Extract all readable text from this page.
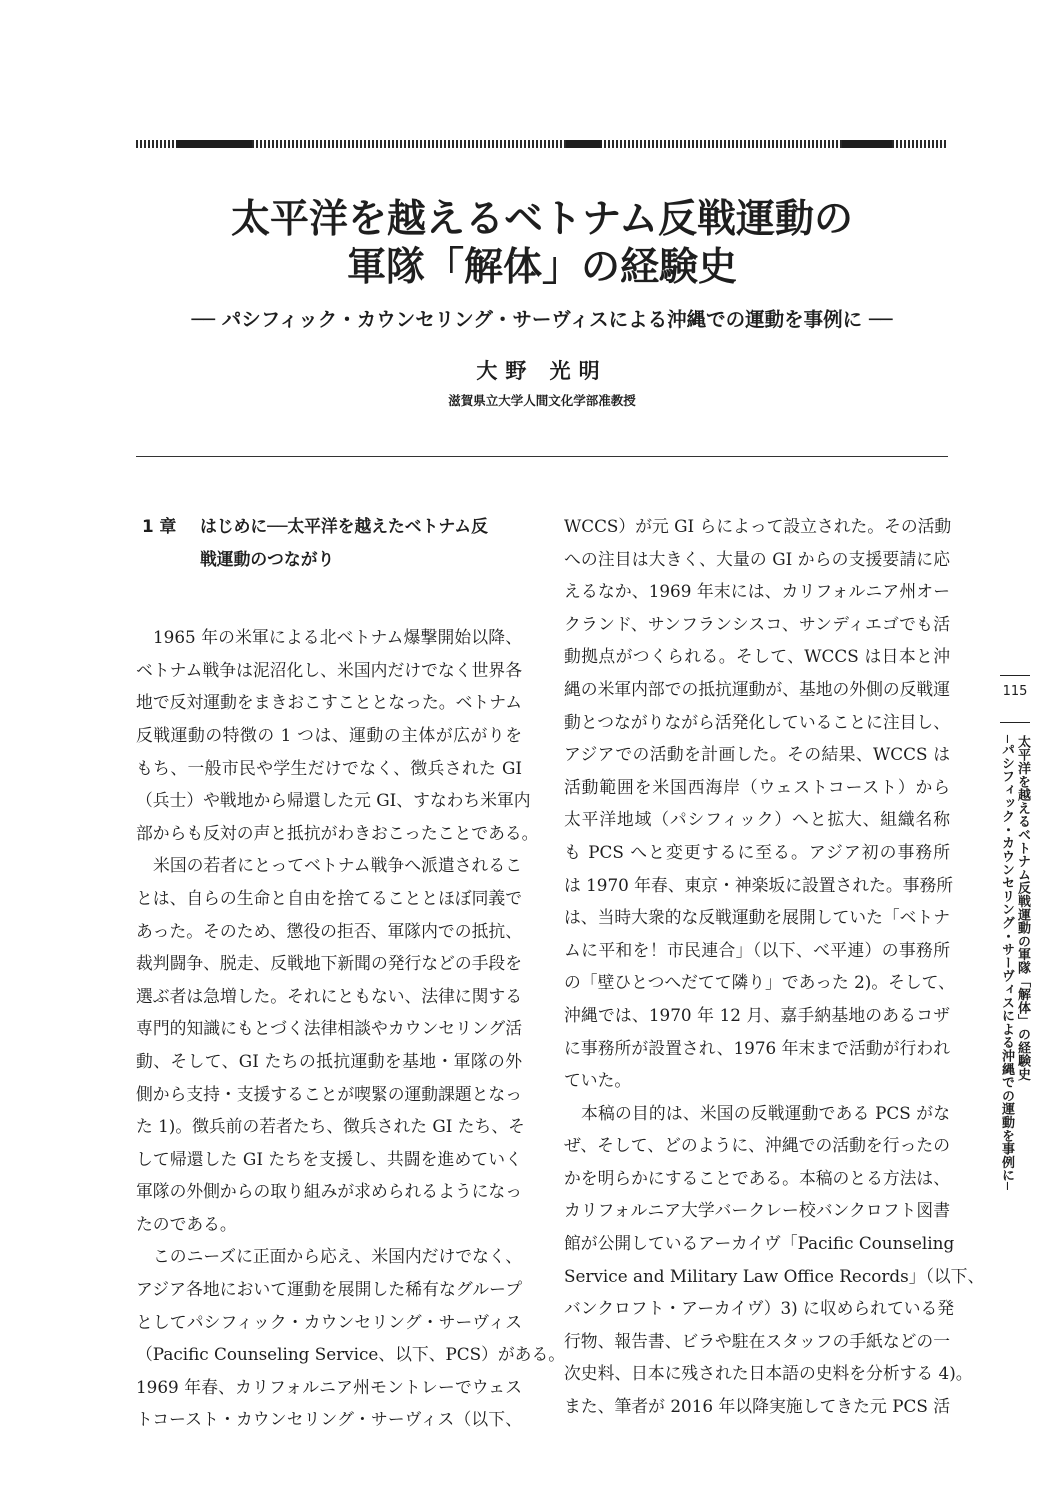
太平洋を越えるベトナム反戦運動の
軍隊「解体」の経験史
── パシフィック・カウンセリング・サーヴィスによる沖縄での運動を事例に ──
大野 光明
滋賀県立大学人間文化学部准教授
1 章 はじめに──太平洋を越えたベトナム反
戦運動のつながり
1965 年の米軍による北ベトナム爆撃開始以降、
ベトナム戦争は泥沼化し、米国内だけでなく世界各
地で反対運動をまきおこすこととなった。ベトナム
反戦運動の特徴の 1 つは、運動の主体が広がりを
もち、一般市民や学生だけでなく、徴兵された GI
（兵士）や戦地から帰還した元 GI、すなわち米軍内
部からも反対の声と抵抗がわきおこったことである。
米国の若者にとってベトナム戦争へ派遣されるこ
とは、自らの生命と自由を捨てることとほぼ同義で
あった。そのため、懲役の拒否、軍隊内での抵抗、
裁判闘争、脱走、反戦地下新聞の発行などの手段を
選ぶ者は急増した。それにともない、法律に関する
専門的知識にもとづく法律相談やカウンセリング活
動、そして、GI たちの抵抗運動を基地・軍隊の外
側から支持・支援することが喫緊の運動課題となっ
た 1)。徴兵前の若者たち、徴兵された GI たち、そ
して帰還した GI たちを支援し、共闘を進めていく
軍隊の外側からの取り組みが求められるようになっ
たのである。
このニーズに正面から応え、米国内だけでなく、
アジア各地において運動を展開した稀有なグループ
としてパシフィック・カウンセリング・サーヴィス
（Pacific Counseling Service、以下、PCS）がある。
1969 年春、カリフォルニア州モントレーでウェス
トコースト・カウンセリング・サーヴィス（以下、
WCCS）が元 GI らによって設立された。その活動
への注目は大きく、大量の GI からの支援要請に応
えるなか、1969 年末には、カリフォルニア州オー
クランド、サンフランシスコ、サンディエゴでも活
動拠点がつくられる。そして、WCCS は日本と沖
縄の米軍内部での抵抗運動が、基地の外側の反戦運
動とつながりながら活発化していることに注目し、
アジアでの活動を計画した。その結果、WCCS は
活動範囲を米国西海岸（ウェストコースト）から
太平洋地域（パシフィック）へと拡大、組織名称
も PCS へと変更するに至る。アジア初の事務所
は 1970 年春、東京・神楽坂に設置された。事務所
は、当時大衆的な反戦運動を展開していた「ベトナ
ムに平和を！市民連合」（以下、べ平連）の事務所
の「壁ひとつへだてて隣り」であった 2)。そして、
沖縄では、1970 年 12 月、嘉手納基地のあるコザ
に事務所が設置され、1976 年末まで活動が行われ
ていた。
本稿の目的は、米国の反戦運動である PCS がな
ぜ、そして、どのように、沖縄での活動を行ったの
かを明らかにすることである。本稿のとる方法は、
カリフォルニア大学バークレー校バンクロフト図書
館が公開しているアーカイヴ「Pacific Counseling
Service and Military Law Office Records」（以下、
バンクロフト・アーカイヴ）3) に収められている発
行物、報告書、ビラや駐在スタッフの手紙などの一
次史料、日本に残された日本語の史料を分析する 4)。
また、筆者が 2016 年以降実施してきた元 PCS 活
115
太平洋を越えるベトナム反戦運動の軍隊「解体」の経験史
─パシフィック・カウンセリング・サーヴィスによる沖縄での運動を事例に─
